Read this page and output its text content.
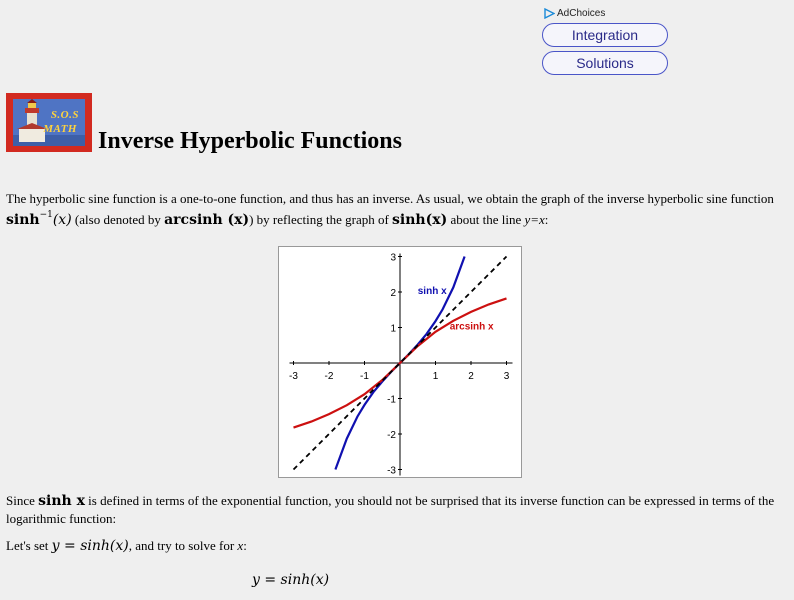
AdChoices
Integration
Solutions
S.O.S
MATH Inverse Hyperbolic Functions

The hyperbolic sine function is a one-to-one function, and thus has an inverse. As usual, we obtain the graph of the inverse hyperbolic sine function
$\sinh^{-1}(x)$ (also denoted by arcsinh (x)) by reflecting the graph of sinh(x) about the line y=x:

-3	-2	-1	1	2	3
3
2
1
-1
-2
-3
sinh x
arcsinh x

Since sinh x is defined in terms of the exponential function, you should not be surprised that its inverse function can be expressed in terms of the
logarithmic function:

Let's set y = sinh(x), and try to solve for x:

y = sinh(x)
